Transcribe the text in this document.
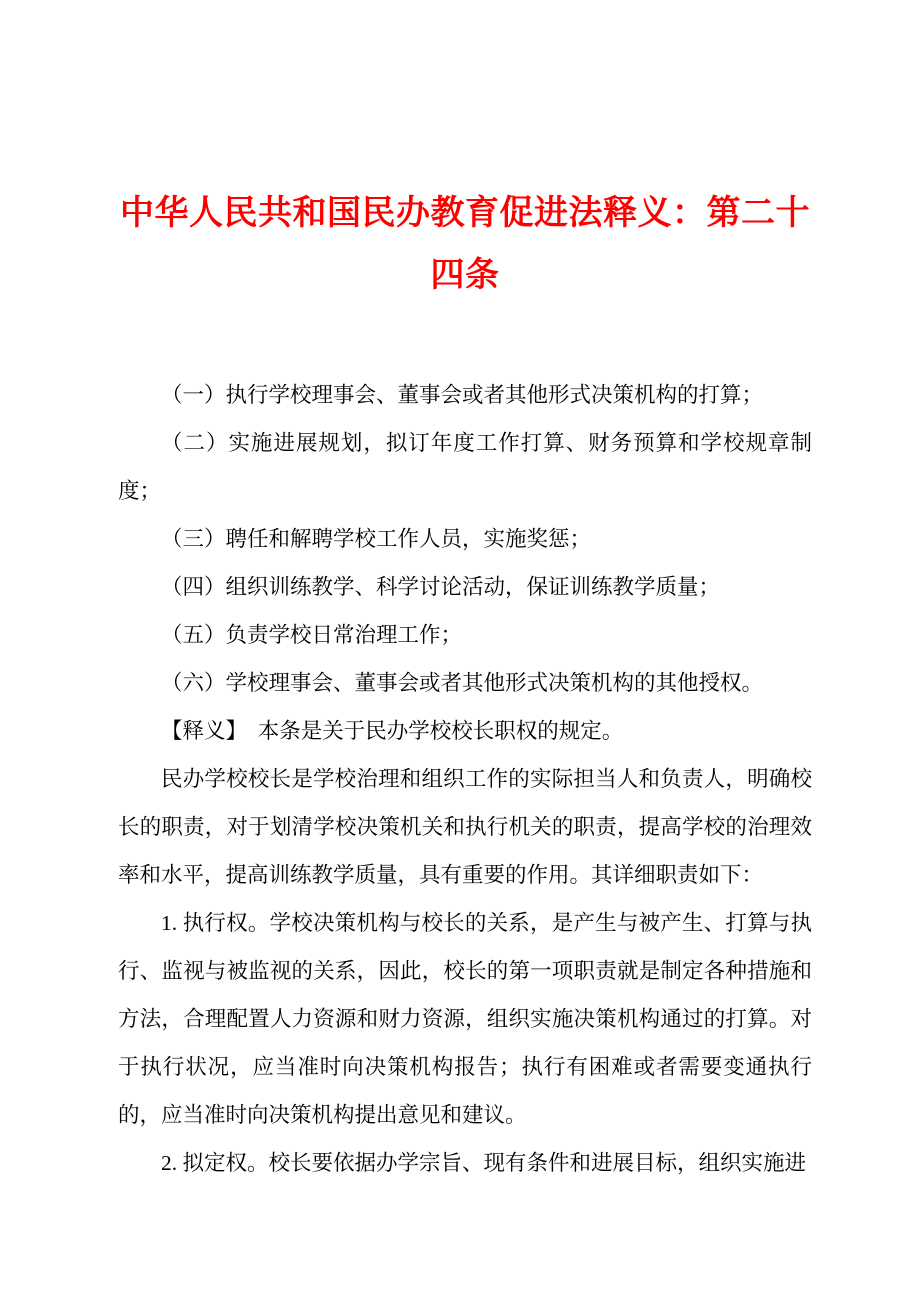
中华人民共和国民办教育促进法释义：第二十四条

（一）执行学校理事会、董事会或者其他形式决策机构的打算；

（二）实施进展规划，拟订年度工作打算、财务预算和学校规章制度；

（三）聘任和解聘学校工作人员，实施奖惩；

（四）组织训练教学、科学讨论活动，保证训练教学质量；

（五）负责学校日常治理工作；

（六）学校理事会、董事会或者其他形式决策机构的其他授权。

【释义】　本条是关于民办学校校长职权的规定。

民办学校校长是学校治理和组织工作的实际担当人和负责人，明确校长的职责，对于划清学校决策机关和执行机关的职责，提高学校的治理效率和水平，提高训练教学质量，具有重要的作用。其详细职责如下：

1. 执行权。学校决策机构与校长的关系，是产生与被产生、打算与执行、监视与被监视的关系，因此，校长的第一项职责就是制定各种措施和方法，合理配置人力资源和财力资源，组织实施决策机构通过的打算。对于执行状况，应当准时向决策机构报告；执行有困难或者需要变通执行的，应当准时向决策机构提出意见和建议。

2. 拟定权。校长要依据办学宗旨、现有条件和进展目标，组织实施进
